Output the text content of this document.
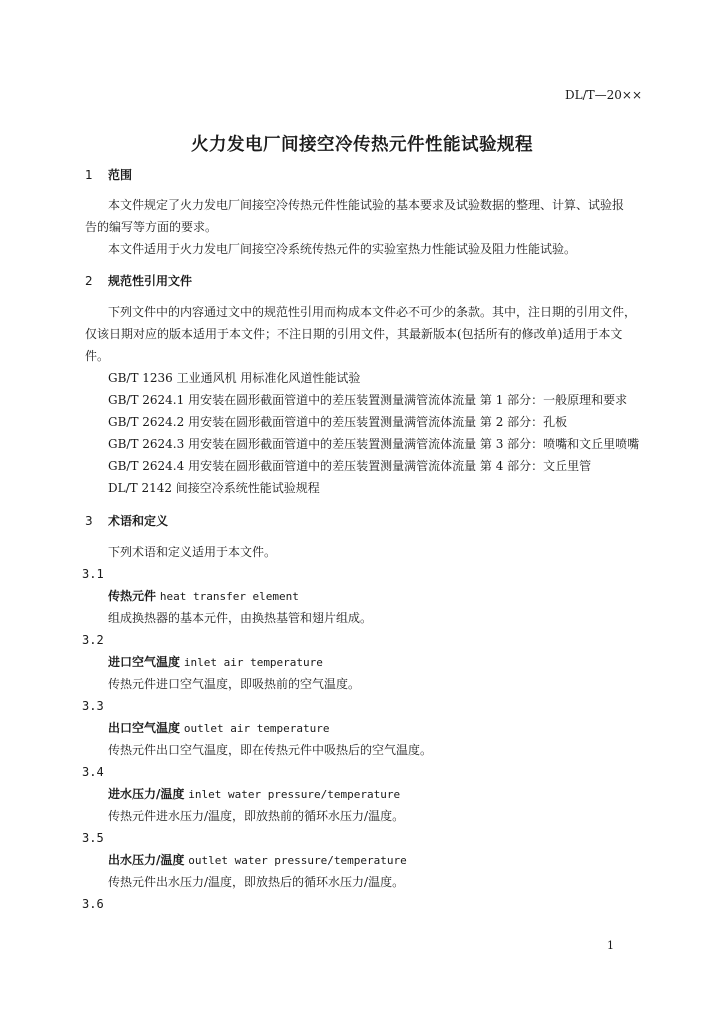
DL/T—20××
火力发电厂间接空冷传热元件性能试验规程
1 范围
本文件规定了火力发电厂间接空冷传热元件性能试验的基本要求及试验数据的整理、计算、试验报
告的编写等方面的要求。
本文件适用于火力发电厂间接空冷系统传热元件的实验室热力性能试验及阻力性能试验。
2 规范性引用文件
下列文件中的内容通过文中的规范性引用而构成本文件必不可少的条款。其中，注日期的引用文件，
仅该日期对应的版本适用于本文件；不注日期的引用文件，其最新版本(包括所有的修改单)适用于本文
件。
GB/T 1236 工业通风机 用标准化风道性能试验
GB/T 2624.1 用安装在圆形截面管道中的差压装置测量满管流体流量 第 1 部分：一般原理和要求
GB/T 2624.2 用安装在圆形截面管道中的差压装置测量满管流体流量 第 2 部分：孔板
GB/T 2624.3 用安装在圆形截面管道中的差压装置测量满管流体流量 第 3 部分：喷嘴和文丘里喷嘴
GB/T 2624.4 用安装在圆形截面管道中的差压装置测量满管流体流量 第 4 部分：文丘里管
DL/T 2142 间接空冷系统性能试验规程
3 术语和定义
下列术语和定义适用于本文件。
3.1
传热元件 heat transfer element
组成换热器的基本元件，由换热基管和翅片组成。
3.2
进口空气温度 inlet air temperature
传热元件进口空气温度，即吸热前的空气温度。
3.3
出口空气温度 outlet air temperature
传热元件出口空气温度，即在传热元件中吸热后的空气温度。
3.4
进水压力/温度 inlet water pressure/temperature
传热元件进水压力/温度，即放热前的循环水压力/温度。
3.5
出水压力/温度 outlet water pressure/temperature
传热元件出水压力/温度，即放热后的循环水压力/温度。
3.6
1
